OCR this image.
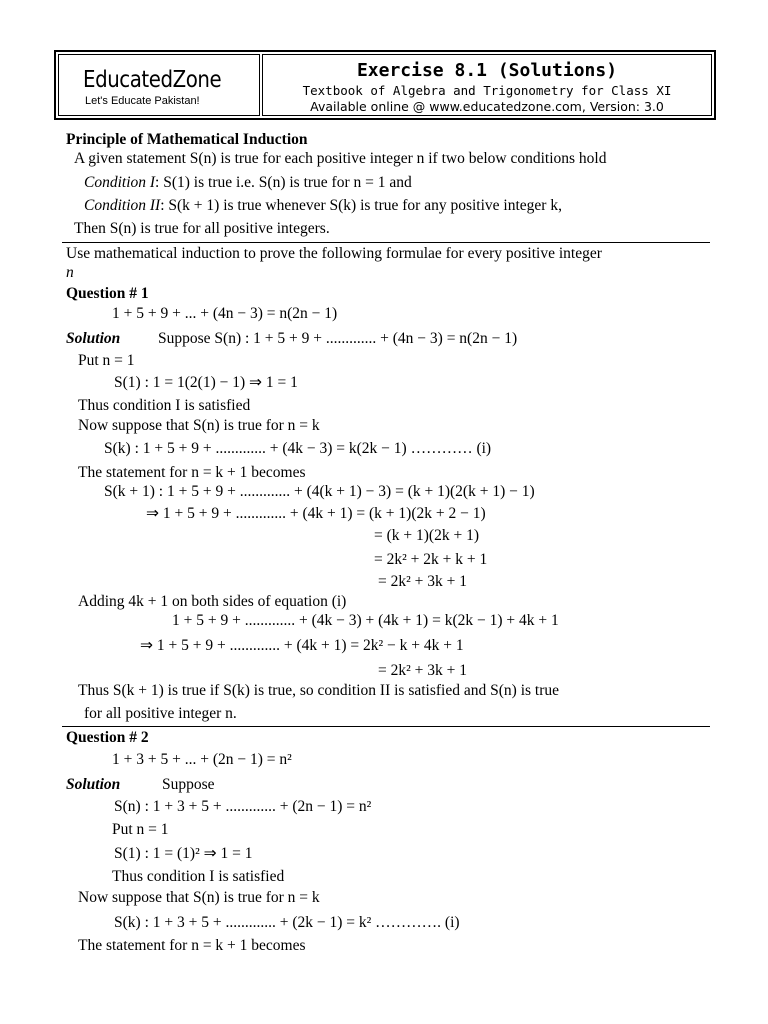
EducatedZone
Let's Educate Pakistan!
Exercise 8.1 (Solutions)
Textbook of Algebra and Trigonometry for Class XI
Available online @ www.educatedzone.com, Version: 3.0
Principle of Mathematical Induction
A given statement S(n) is true for each positive integer n if two below conditions hold
Condition I: S(1) is true i.e. S(n) is true for n = 1 and
Condition II: S(k + 1) is true whenever S(k) is true for any positive integer k,
Then S(n) is true for all positive integers.
Use mathematical induction to prove the following formulae for every positive integer
n
Question # 1
1 + 5 + 9 + ... + (4n − 3) = n(2n − 1)
Solution Suppose S(n) : 1 + 5 + 9 + ............. + (4n − 3) = n(2n − 1)
Put n = 1
S(1) : 1 = 1(2(1) − 1) ⇒ 1 = 1
Thus condition I is satisfied
Now suppose that S(n) is true for n = k
S(k) : 1 + 5 + 9 + ............. + (4k − 3) = k(2k − 1) ………… (i)
The statement for n = k + 1 becomes
S(k + 1) : 1 + 5 + 9 + ............. + (4(k + 1) − 3) = (k + 1)(2(k + 1) − 1)
⇒ 1 + 5 + 9 + ............. + (4k + 1) = (k + 1)(2k + 2 − 1)
= (k + 1)(2k + 1)
= 2k² + 2k + k + 1
= 2k² + 3k + 1
Adding 4k + 1 on both sides of equation (i)
1 + 5 + 9 + ............. + (4k − 3) + (4k + 1) = k(2k − 1) + 4k + 1
⇒ 1 + 5 + 9 + ............. + (4k + 1) = 2k² − k + 4k + 1
= 2k² + 3k + 1
Thus S(k + 1) is true if S(k) is true, so condition II is satisfied and S(n) is true
for all positive integer n.
Question # 2
1 + 3 + 5 + ... + (2n − 1) = n²
Solution	Suppose
S(n) : 1 + 3 + 5 + ............. + (2n − 1) = n²
Put n = 1
S(1) : 1 = (1)² ⇒ 1 = 1
Thus condition I is satisfied
Now suppose that S(n) is true for n = k
S(k) : 1 + 3 + 5 + ............. + (2k − 1) = k² …………. (i)
The statement for n = k + 1 becomes
